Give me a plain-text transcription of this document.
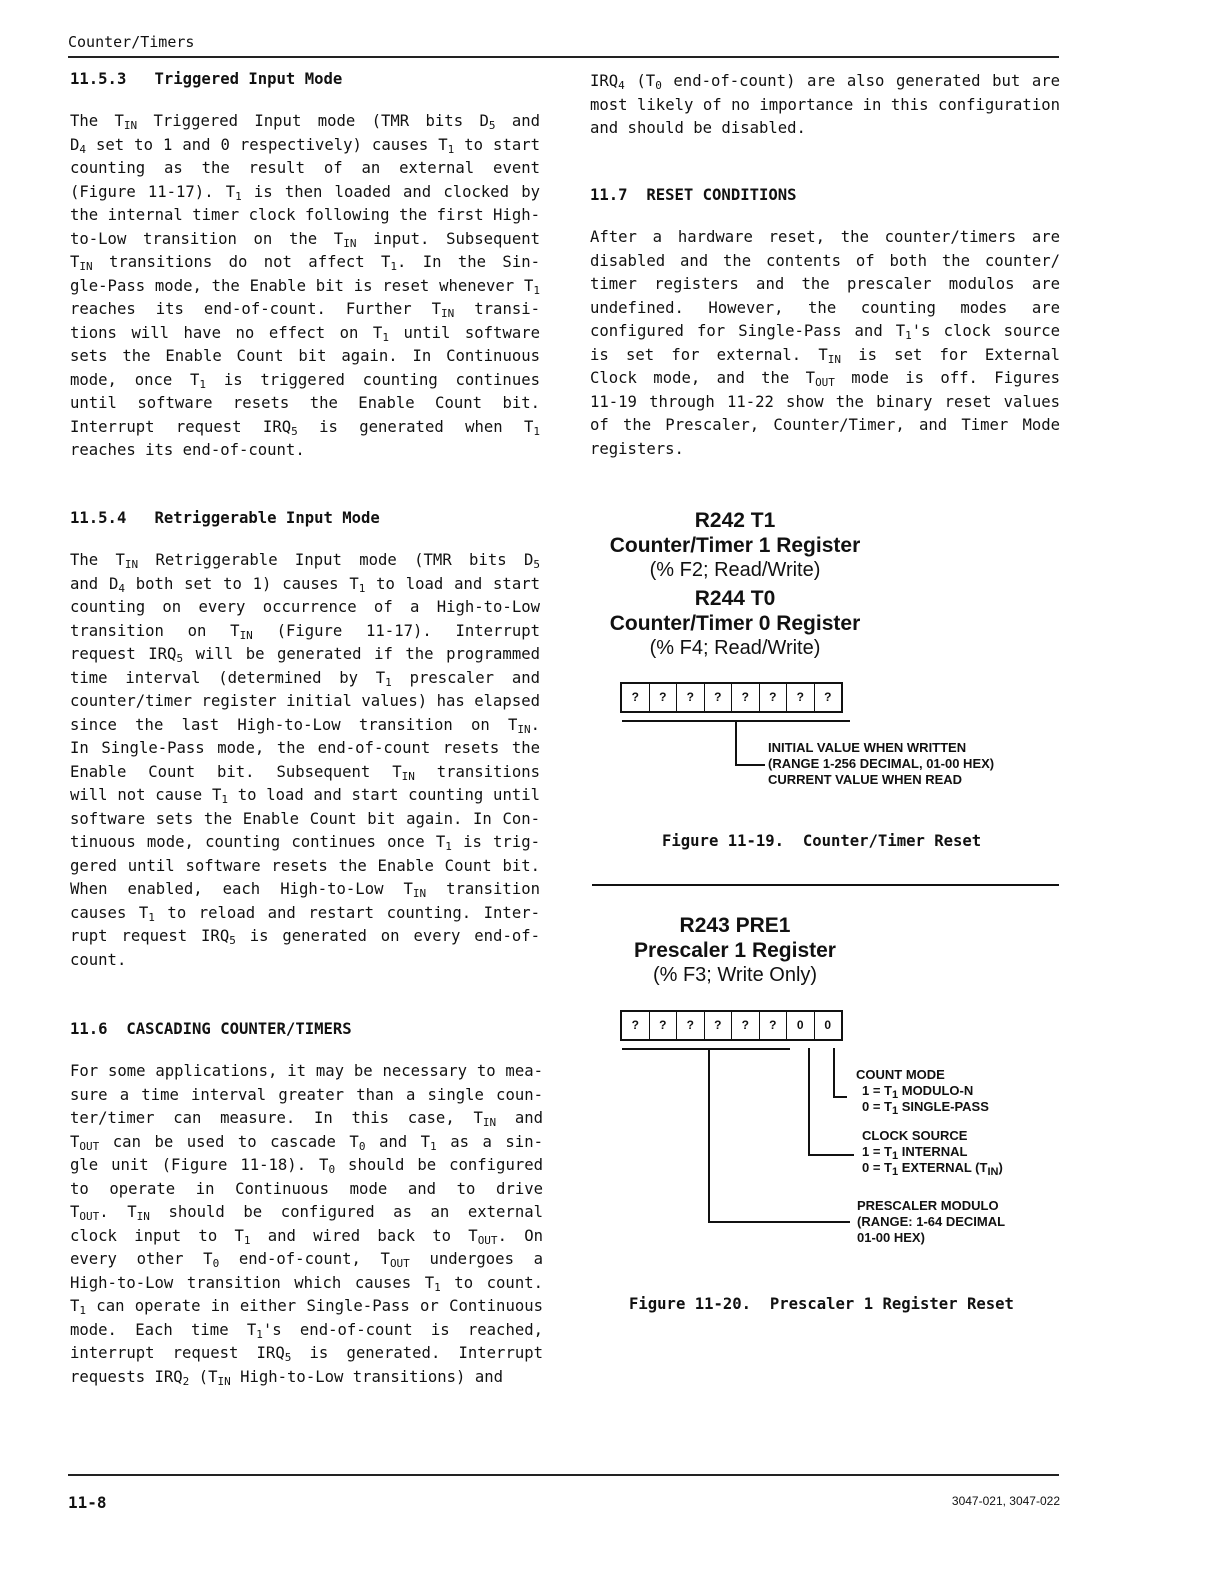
Counter/Timers
11-8	3047-021, 3047-022
11.5.3   Triggered Input Mode
The $T_{IN}$ Triggered Input mode (TMR bits $D_5$ and
$D_4$ set to 1 and 0 respectively) causes $T_1$ to start
counting as the result of an external event
(Figure 11-17). $T_1$ is then loaded and clocked by
the internal timer clock following the first High-
to-Low transition on the $T_{IN}$ input. Subsequent
$T_{IN}$ transitions do not affect $T_1$. In the Sin-
gle-Pass mode, the Enable bit is reset whenever $T_1$
reaches its end-of-count. Further $T_{IN}$ transi-
tions will have no effect on $T_1$ until software
sets the Enable Count bit again. In Continuous
mode, once $T_1$ is triggered counting continues
until software resets the Enable Count bit.
Interrupt request $IRQ_5$ is generated when $T_1$
reaches its end-of-count.
11.5.4   Retriggerable Input Mode
The $T_{IN}$ Retriggerable Input mode (TMR bits $D_5$
and $D_4$ both set to 1) causes $T_1$ to load and start
counting on every occurrence of a High-to-Low
transition on $T_{IN}$ (Figure 11-17). Interrupt
request $IRQ_5$ will be generated if the programmed
time interval (determined by $T_1$ prescaler and
counter/timer register initial values) has elapsed
since the last High-to-Low transition on $T_{IN}$.
In Single-Pass mode, the end-of-count resets the
Enable Count bit. Subsequent $T_{IN}$ transitions
will not cause $T_1$ to load and start counting until
software sets the Enable Count bit again. In Con-
tinuous mode, counting continues once $T_1$ is trig-
gered until software resets the Enable Count bit.
When enabled, each High-to-Low $T_{IN}$ transition
causes $T_1$ to reload and restart counting. Inter-
rupt request $IRQ_5$ is generated on every end-of-
count.
11.6  CASCADING COUNTER/TIMERS
For some applications, it may be necessary to mea-
sure a time interval greater than a single coun-
ter/timer can measure. In this case, $T_{IN}$ and
$T_{OUT}$ can be used to cascade $T_0$ and $T_1$ as a sin-
gle unit (Figure 11-18). $T_0$ should be configured
to operate in Continuous mode and to drive
$T_{OUT}$. $T_{IN}$ should be configured as an external
clock input to $T_1$ and wired back to $T_{OUT}$. On
every other $T_0$ end-of-count, $T_{OUT}$ undergoes a
High-to-Low transition which causes $T_1$ to count.
$T_1$ can operate in either Single-Pass or Continuous
mode. Each time $T_1's$ end-of-count is reached,
interrupt request $IRQ_5$ is generated. Interrupt
requests $IRQ_2$ ($T_{IN}$ High-to-Low transitions) and
$IRQ_4$ ($T_0$ end-of-count) are also generated but are
most likely of no importance in this configuration
and should be disabled.
11.7  RESET CONDITIONS
After a hardware reset, the counter/timers are
disabled and the contents of both the counter/
timer registers and the prescaler modulos are
undefined. However, the counting modes are
configured for Single-Pass and $T_1's$ clock source
is set for external. $T_{IN}$ is set for External
Clock mode, and the $T_{OUT}$ mode is off. Figures
11-19 through 11-22 show the binary reset values
of the Prescaler, Counter/Timer, and Timer Mode
registers.
R242 T1
Counter/Timer 1 Register
(% F2; Read/Write)
R244 T0
Counter/Timer 0 Register
(% F4; Read/Write)
?	?	?	?	?	?	?	?
INITIAL VALUE WHEN WRITTEN
(RANGE 1-256 DECIMAL, 01-00 HEX)
CURRENT VALUE WHEN READ
Figure 11-19.  Counter/Timer Reset
R243 PRE1
Prescaler 1 Register
(% F3; Write Only)
?	?	?	?	?	?	0	0
COUNT MODE
$1 = T_1$ MODULO-N
$0 = T_1$ SINGLE-PASS
CLOCK SOURCE
$1 = T_1$ INTERNAL
$0 = T_1$ EXTERNAL $(T_{IN})$
PRESCALER MODULO
(RANGE: 1-64 DECIMAL
01-00 HEX)
Figure 11-20.  Prescaler 1 Register Reset
